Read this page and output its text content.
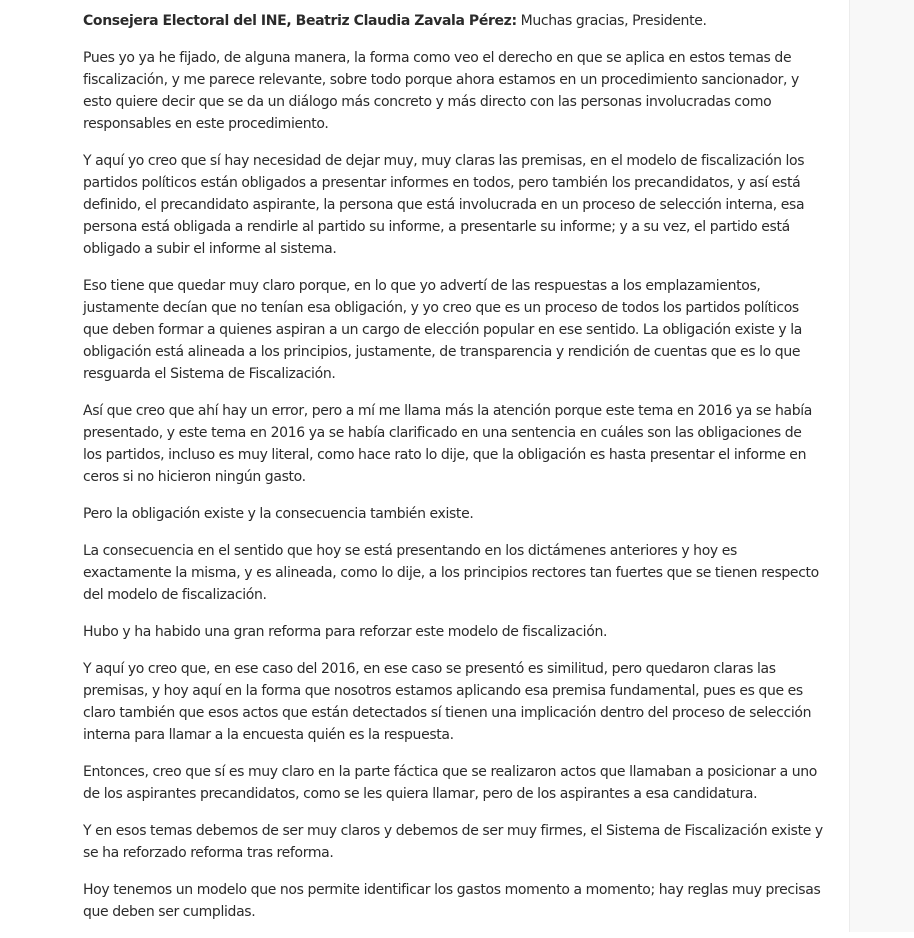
Consejera Electoral del INE, Beatriz Claudia Zavala Pérez: Muchas gracias, Presidente.

Pues yo ya he fijado, de alguna manera, la forma como veo el derecho en que se aplica en estos temas de fiscalización, y me parece relevante, sobre todo porque ahora estamos en un procedimiento sancionador, y esto quiere decir que se da un diálogo más concreto y más directo con las personas involucradas como responsables en este procedimiento.

Y aquí yo creo que sí hay necesidad de dejar muy, muy claras las premisas, en el modelo de fiscalización los partidos políticos están obligados a presentar informes en todos, pero también los precandidatos, y así está definido, el precandidato aspirante, la persona que está involucrada en un proceso de selección interna, esa persona está obligada a rendirle al partido su informe, a presentarle su informe; y a su vez, el partido está obligado a subir el informe al sistema.

Eso tiene que quedar muy claro porque, en lo que yo advertí de las respuestas a los emplazamientos, justamente decían que no tenían esa obligación, y yo creo que es un proceso de todos los partidos políticos que deben formar a quienes aspiran a un cargo de elección popular en ese sentido. La obligación existe y la obligación está alineada a los principios, justamente, de transparencia y rendición de cuentas que es lo que resguarda el Sistema de Fiscalización.

Así que creo que ahí hay un error, pero a mí me llama más la atención porque este tema en 2016 ya se había presentado, y este tema en 2016 ya se había clarificado en una sentencia en cuáles son las obligaciones de los partidos, incluso es muy literal, como hace rato lo dije, que la obligación es hasta presentar el informe en ceros si no hicieron ningún gasto.

Pero la obligación existe y la consecuencia también existe.

La consecuencia en el sentido que hoy se está presentando en los dictámenes anteriores y hoy es exactamente la misma, y es alineada, como lo dije, a los principios rectores tan fuertes que se tienen respecto del modelo de fiscalización.

Hubo y ha habido una gran reforma para reforzar este modelo de fiscalización.

Y aquí yo creo que, en ese caso del 2016, en ese caso se presentó es similitud, pero quedaron claras las premisas, y hoy aquí en la forma que nosotros estamos aplicando esa premisa fundamental, pues es que es claro también que esos actos que están detectados sí tienen una implicación dentro del proceso de selección interna para llamar a la encuesta quién es la respuesta.

Entonces, creo que sí es muy claro en la parte fáctica que se realizaron actos que llamaban a posicionar a uno de los aspirantes precandidatos, como se les quiera llamar, pero de los aspirantes a esa candidatura.

Y en esos temas debemos de ser muy claros y debemos de ser muy firmes, el Sistema de Fiscalización existe y se ha reforzado reforma tras reforma.

Hoy tenemos un modelo que nos permite identificar los gastos momento a momento; hay reglas muy precisas que deben ser cumplidas.
